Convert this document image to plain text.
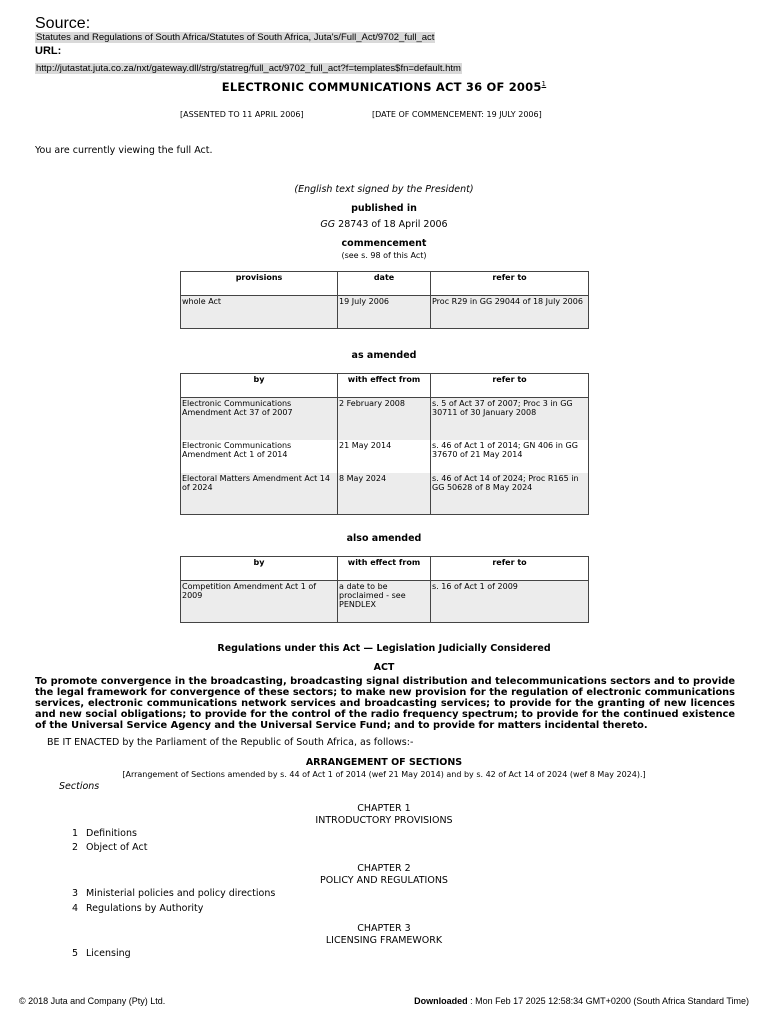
Source:
Statutes and Regulations of South Africa/Statutes of South Africa, Juta's/Full_Act/9702_full_act
URL:
http://jutastat.juta.co.za/nxt/gateway.dll/strg/statreg/full_act/9702_full_act?f=templates$fn=default.htm
ELECTRONIC COMMUNICATIONS ACT 36 OF 2005$^1$
[ASSENTED TO 11 APRIL 2006]	[DATE OF COMMENCEMENT: 19 JULY 2006]
You are currently viewing the full Act.
(English text signed by the President)
published in
GG 28743 of 18 April 2006
commencement
(see s. 98 of this Act)
provisions	date	refer to
whole Act	19 July 2006	Proc R29 in GG 29044 of 18 July 2006
as amended
by	with effect from	refer to
Electronic Communications Amendment Act 37 of 2007	2 February 2008	s. 5 of Act 37 of 2007; Proc 3 in GG 30711 of 30 January 2008
Electronic Communications Amendment Act 1 of 2014	21 May 2014	s. 46 of Act 1 of 2014; GN 406 in GG 37670 of 21 May 2014
Electoral Matters Amendment Act 14 of 2024	8 May 2024	s. 46 of Act 14 of 2024; Proc R165 in GG 50628 of 8 May 2024
also amended
by	with effect from	refer to
Competition Amendment Act 1 of 2009	a date to be proclaimed - see PENDLEX	s. 16 of Act 1 of 2009
Regulations under this Act — Legislation Judicially Considered
ACT
To promote convergence in the broadcasting, broadcasting signal distribution and telecommunications sectors and to provide the legal framework for convergence of these sectors; to make new provision for the regulation of electronic communications services, electronic communications network services and broadcasting services; to provide for the granting of new licences and new social obligations; to provide for the control of the radio frequency spectrum; to provide for the continued existence of the Universal Service Agency and the Universal Service Fund; and to provide for matters incidental thereto.
BE IT ENACTED by the Parliament of the Republic of South Africa, as follows:-
ARRANGEMENT OF SECTIONS
[Arrangement of Sections amended by s. 44 of Act 1 of 2014 (wef 21 May 2014) and by s. 42 of Act 14 of 2024 (wef 8 May 2024).]
Sections
CHAPTER 1
INTRODUCTORY PROVISIONS
1 Definitions
2 Object of Act
CHAPTER 2
POLICY AND REGULATIONS
3 Ministerial policies and policy directions
4 Regulations by Authority
CHAPTER 3
LICENSING FRAMEWORK
5 Licensing
© 2018 Juta and Company (Pty) Ltd.	Downloaded : Mon Feb 17 2025 12:58:34 GMT+0200 (South Africa Standard Time)
